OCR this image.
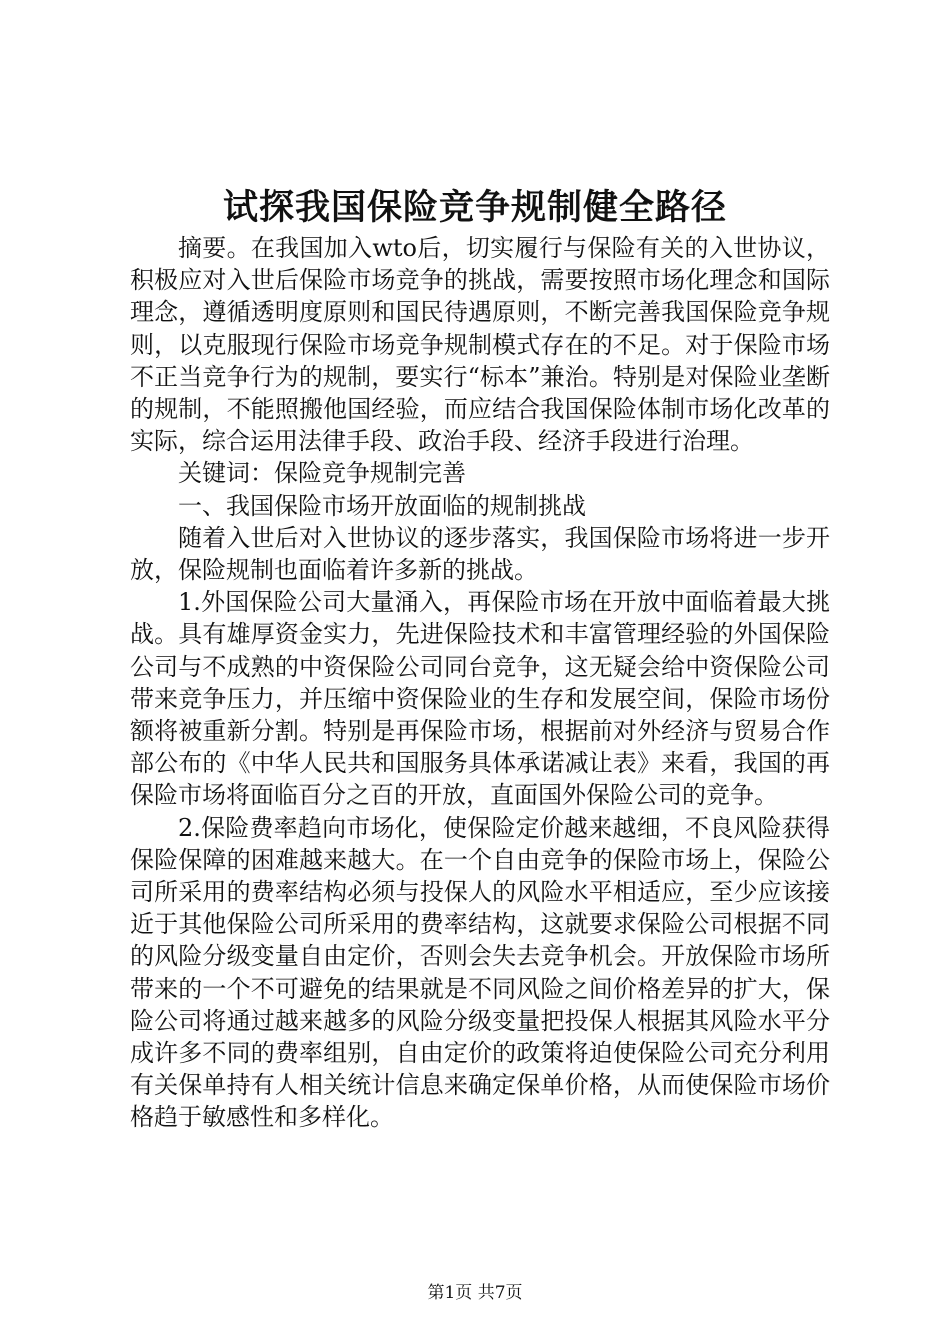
试探我国保险竞争规制健全路径

摘要。在我国加入wto后，切实履行与保险有关的入世协议，积极应对入世后保险市场竞争的挑战，需要按照市场化理念和国际理念，遵循透明度原则和国民待遇原则，不断完善我国保险竞争规则，以克服现行保险市场竞争规制模式存在的不足。对于保险市场不正当竞争行为的规制，要实行“标本”兼治。特别是对保险业垄断的规制，不能照搬他国经验，而应结合我国保险体制市场化改革的实际，综合运用法律手段、政治手段、经济手段进行治理。

关键词：保险竞争规制完善

一、我国保险市场开放面临的规制挑战

随着入世后对入世协议的逐步落实，我国保险市场将进一步开放，保险规制也面临着许多新的挑战。

1.外国保险公司大量涌入，再保险市场在开放中面临着最大挑战。具有雄厚资金实力，先进保险技术和丰富管理经验的外国保险公司与不成熟的中资保险公司同台竞争，这无疑会给中资保险公司带来竞争压力，并压缩中资保险业的生存和发展空间，保险市场份额将被重新分割。特别是再保险市场，根据前对外经济与贸易合作部公布的《中华人民共和国服务具体承诺减让表》来看，我国的再保险市场将面临百分之百的开放，直面国外保险公司的竞争。

2.保险费率趋向市场化，使保险定价越来越细，不良风险获得保险保障的困难越来越大。在一个自由竞争的保险市场上，保险公司所采用的费率结构必须与投保人的风险水平相适应，至少应该接近于其他保险公司所采用的费率结构，这就要求保险公司根据不同的风险分级变量自由定价，否则会失去竞争机会。开放保险市场所带来的一个不可避免的结果就是不同风险之间价格差异的扩大，保险公司将通过越来越多的风险分级变量把投保人根据其风险水平分成许多不同的费率组别，自由定价的政策将迫使保险公司充分利用有关保单持有人相关统计信息来确定保单价格，从而使保险市场价格趋于敏感性和多样化。

第1页 共7页
